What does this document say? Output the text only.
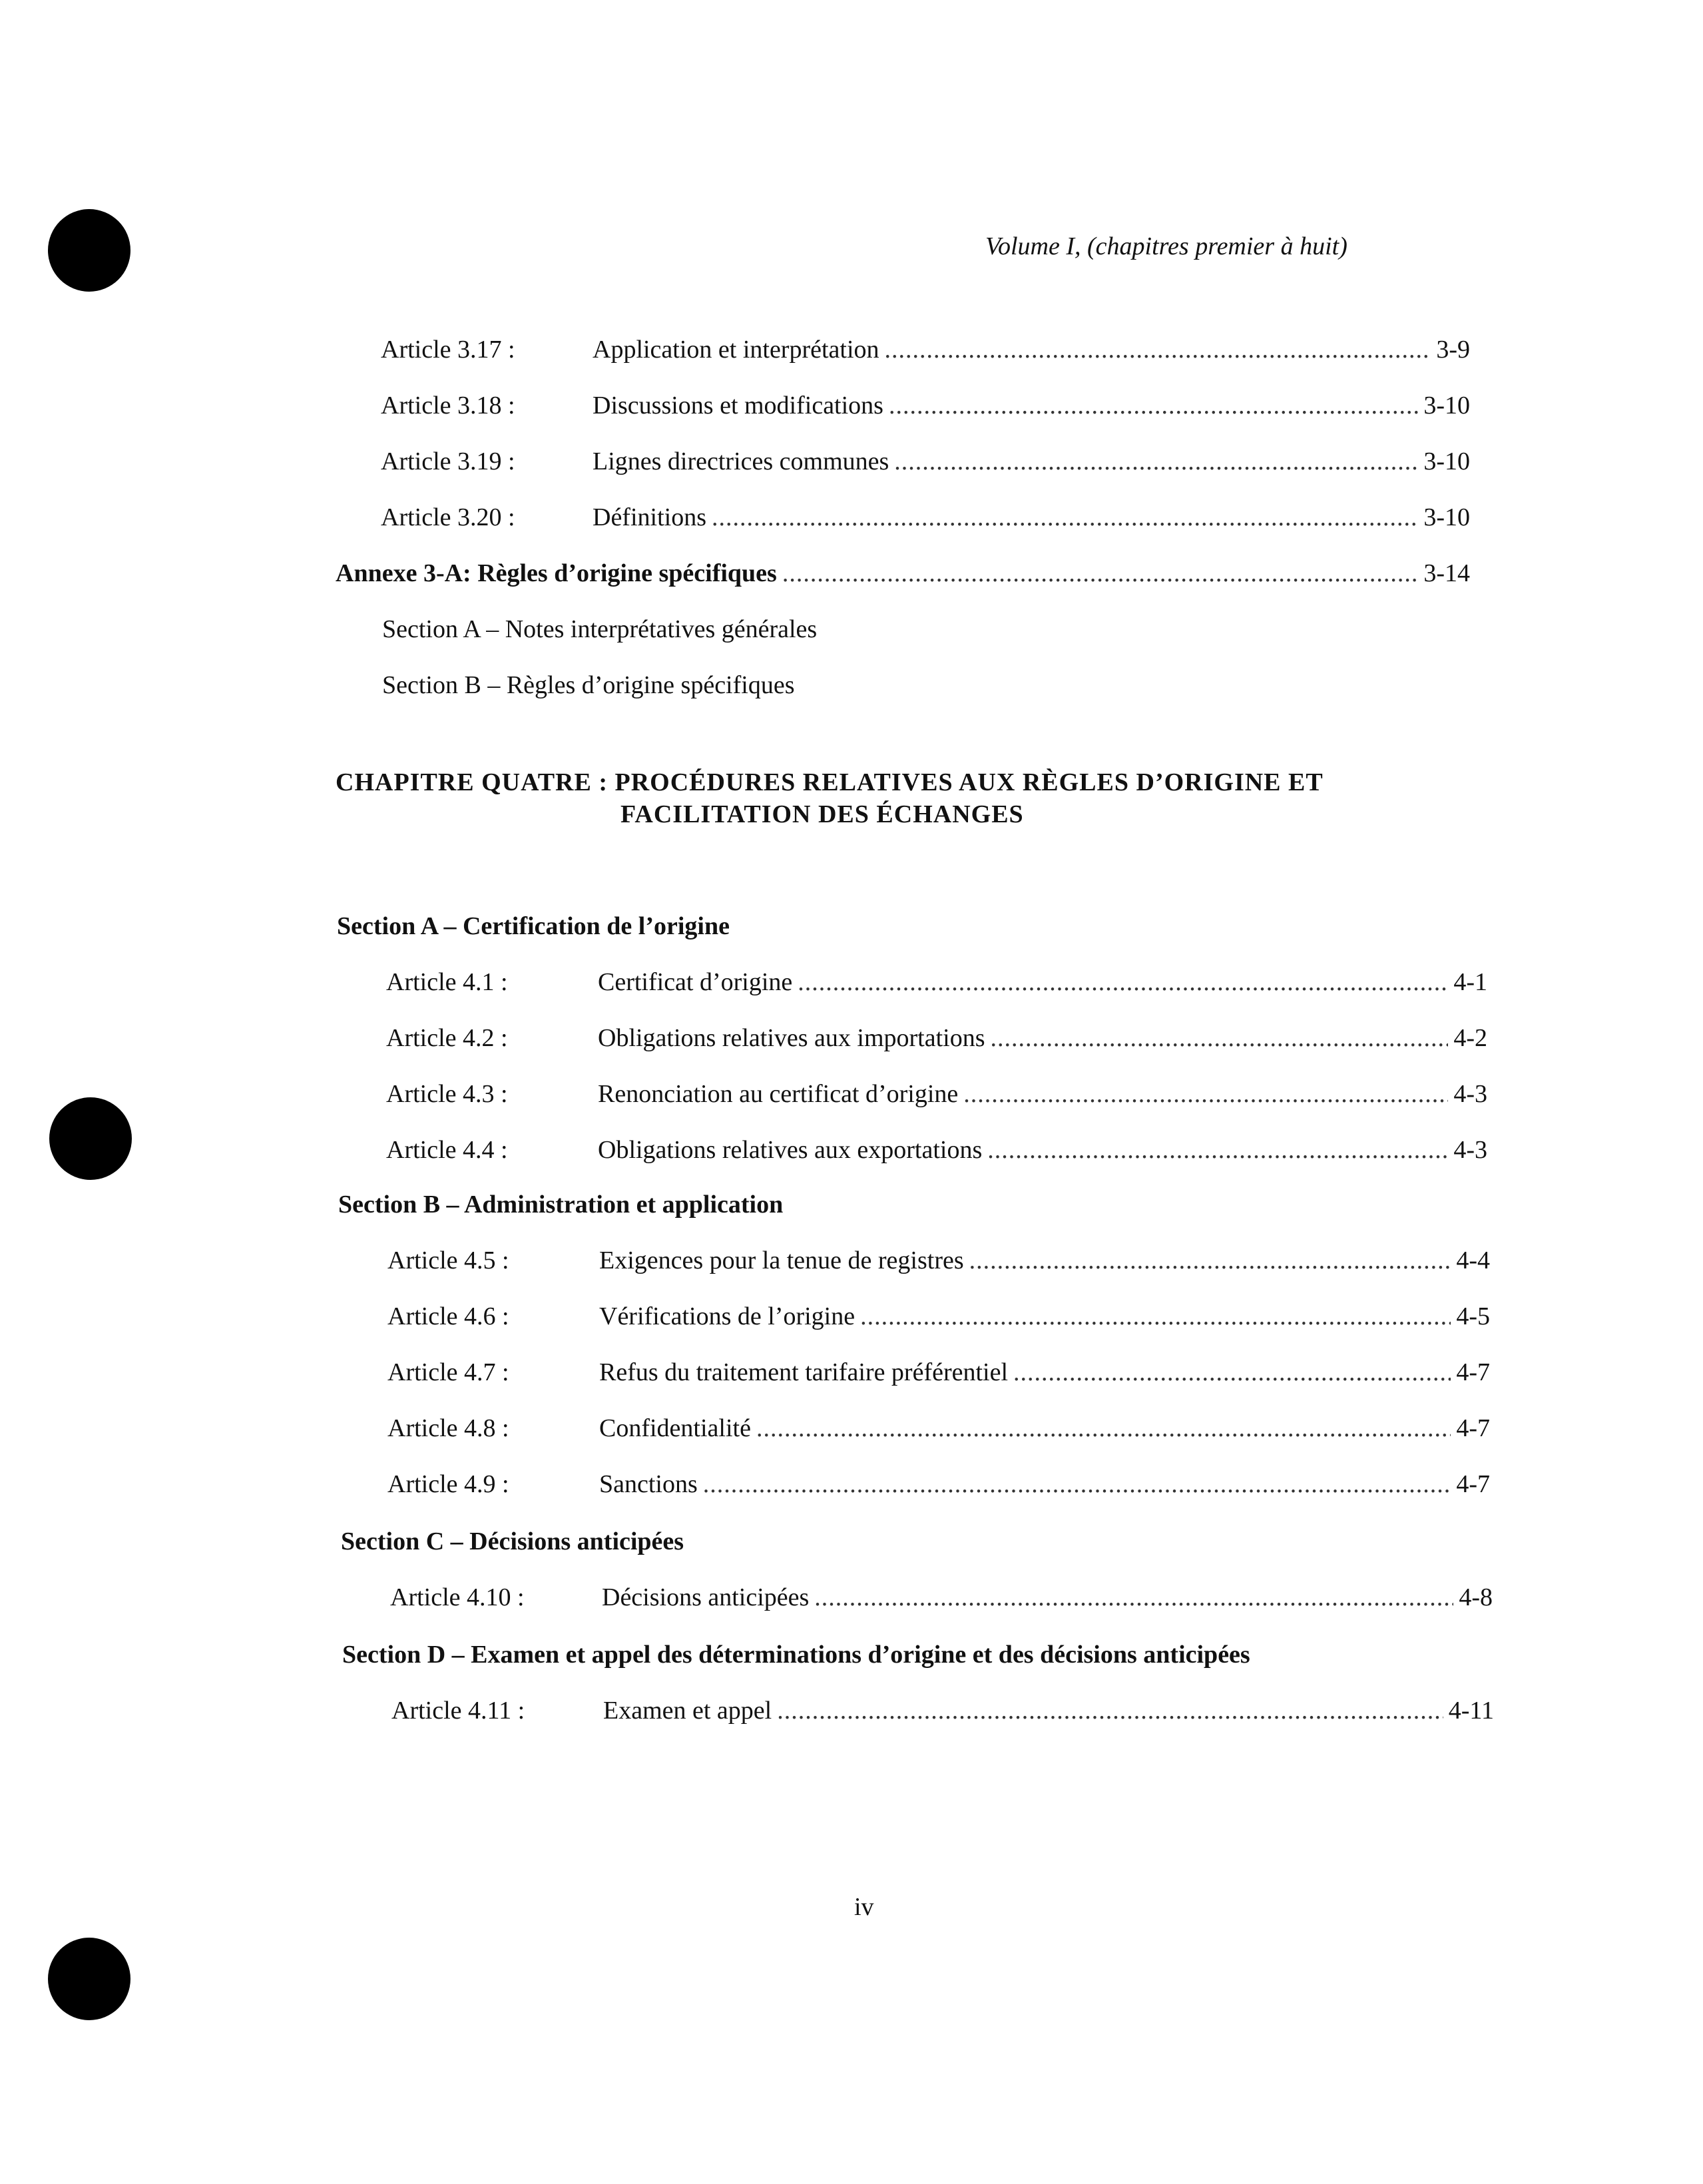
Volume I, (chapitres premier à huit)
Article 3.17 :	Application et interprétation .....	3-9
Article 3.18 :	Discussions et modifications .....	3-10
Article 3.19 :	Lignes directrices communes .....	3-10
Article 3.20 :	Définitions .....	3-10
Annexe 3-A: Règles d’origine spécifiques .....	3-14
Section A – Notes interprétatives générales
Section B – Règles d’origine spécifiques
CHAPITRE QUATRE : PROCÉDURES RELATIVES AUX RÈGLES D’ORIGINE ET
FACILITATION DES ÉCHANGES
Section A – Certification de l’origine
Article 4.1 :	Certificat d’origine .....	4-1
Article 4.2 :	Obligations relatives aux importations .....	4-2
Article 4.3 :	Renonciation au certificat d’origine .....	4-3
Article 4.4 :	Obligations relatives aux exportations .....	4-3
Section B – Administration et application
Article 4.5 :	Exigences pour la tenue de registres .....	4-4
Article 4.6 :	Vérifications de l’origine .....	4-5
Article 4.7 :	Refus du traitement tarifaire préférentiel .....	4-7
Article 4.8 :	Confidentialité .....	4-7
Article 4.9 :	Sanctions .....	4-7
Section C – Décisions anticipées
Article 4.10 :	Décisions anticipées .....	4-8
Section D – Examen et appel des déterminations d’origine et des décisions anticipées
Article 4.11 :	Examen et appel .....	4-11
iv
